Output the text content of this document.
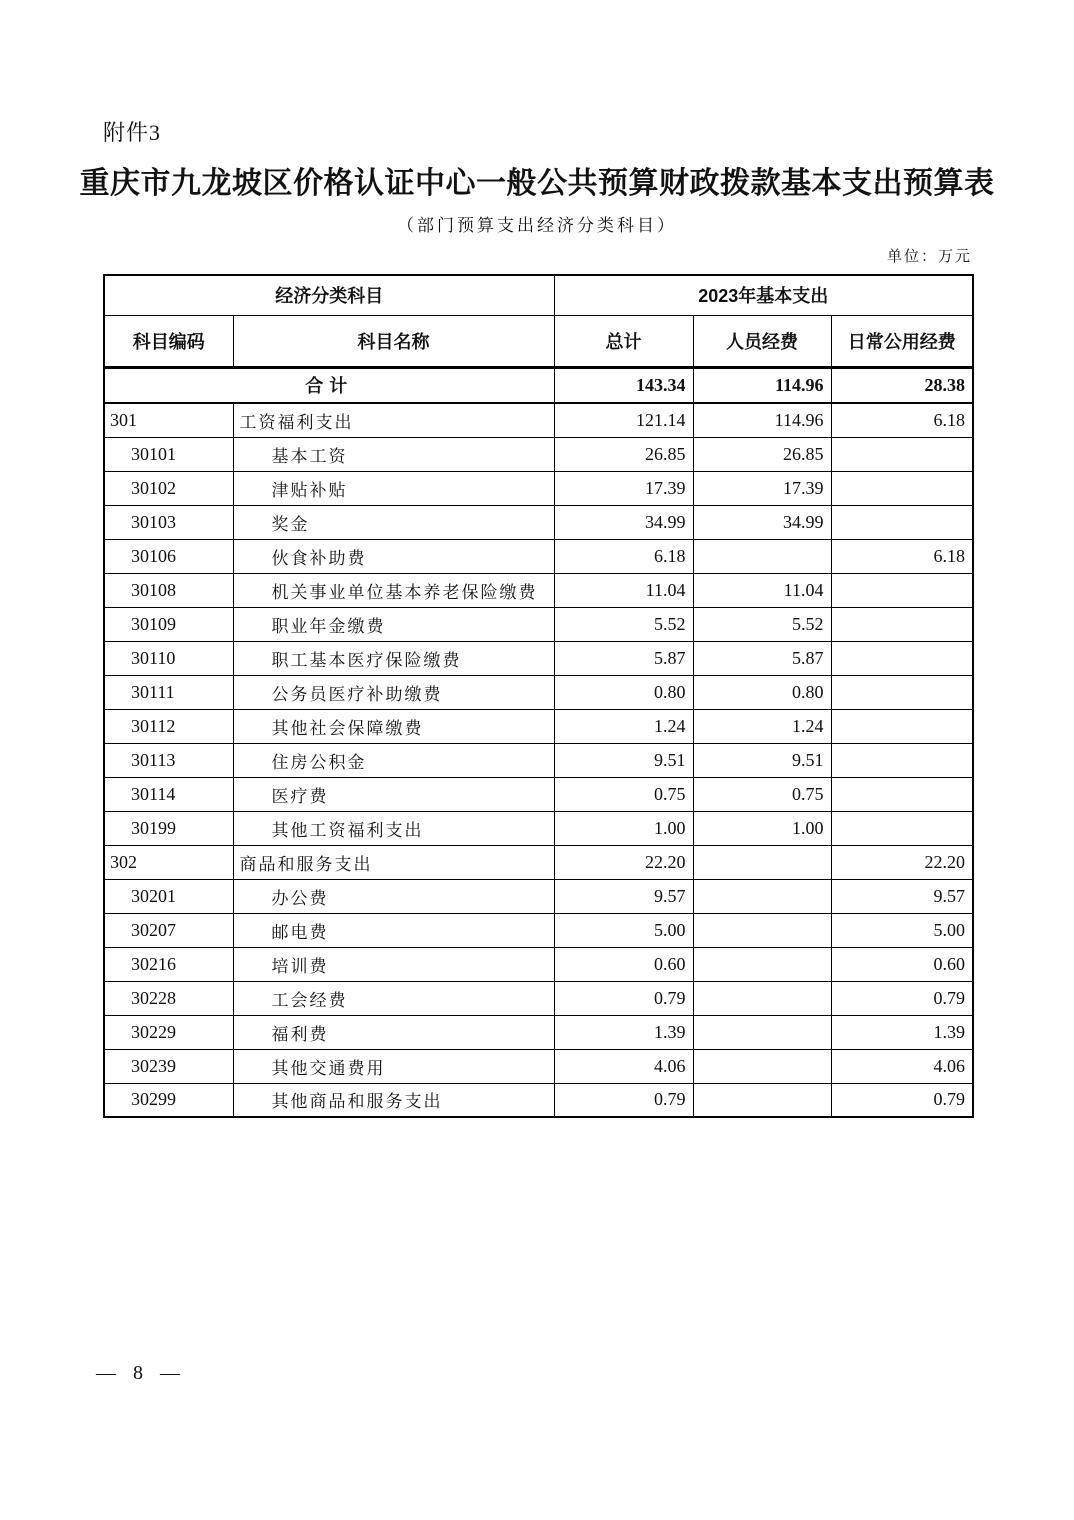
附件3
重庆市九龙坡区价格认证中心一般公共预算财政拨款基本支出预算表
（部门预算支出经济分类科目）
单位：万元
经济分类科目		2023年基本支出		
科目编码	科目名称	总计	人员经费	日常公用经费
合计		143.34	114.96	28.38
301	工资福利支出	121.14	114.96	6.18
30101	基本工资	26.85	26.85	
30102	津贴补贴	17.39	17.39	
30103	奖金	34.99	34.99	
30106	伙食补助费	6.18		6.18
30108	机关事业单位基本养老保险缴费	11.04	11.04	
30109	职业年金缴费	5.52	5.52	
30110	职工基本医疗保险缴费	5.87	5.87	
30111	公务员医疗补助缴费	0.80	0.80	
30112	其他社会保障缴费	1.24	1.24	
30113	住房公积金	9.51	9.51	
30114	医疗费	0.75	0.75	
30199	其他工资福利支出	1.00	1.00	
302	商品和服务支出	22.20		22.20
30201	办公费	9.57		9.57
30207	邮电费	5.00		5.00
30216	培训费	0.60		0.60
30228	工会经费	0.79		0.79
30229	福利费	1.39		1.39
30239	其他交通费用	4.06		4.06
30299	其他商品和服务支出	0.79		0.79
— 8 —
